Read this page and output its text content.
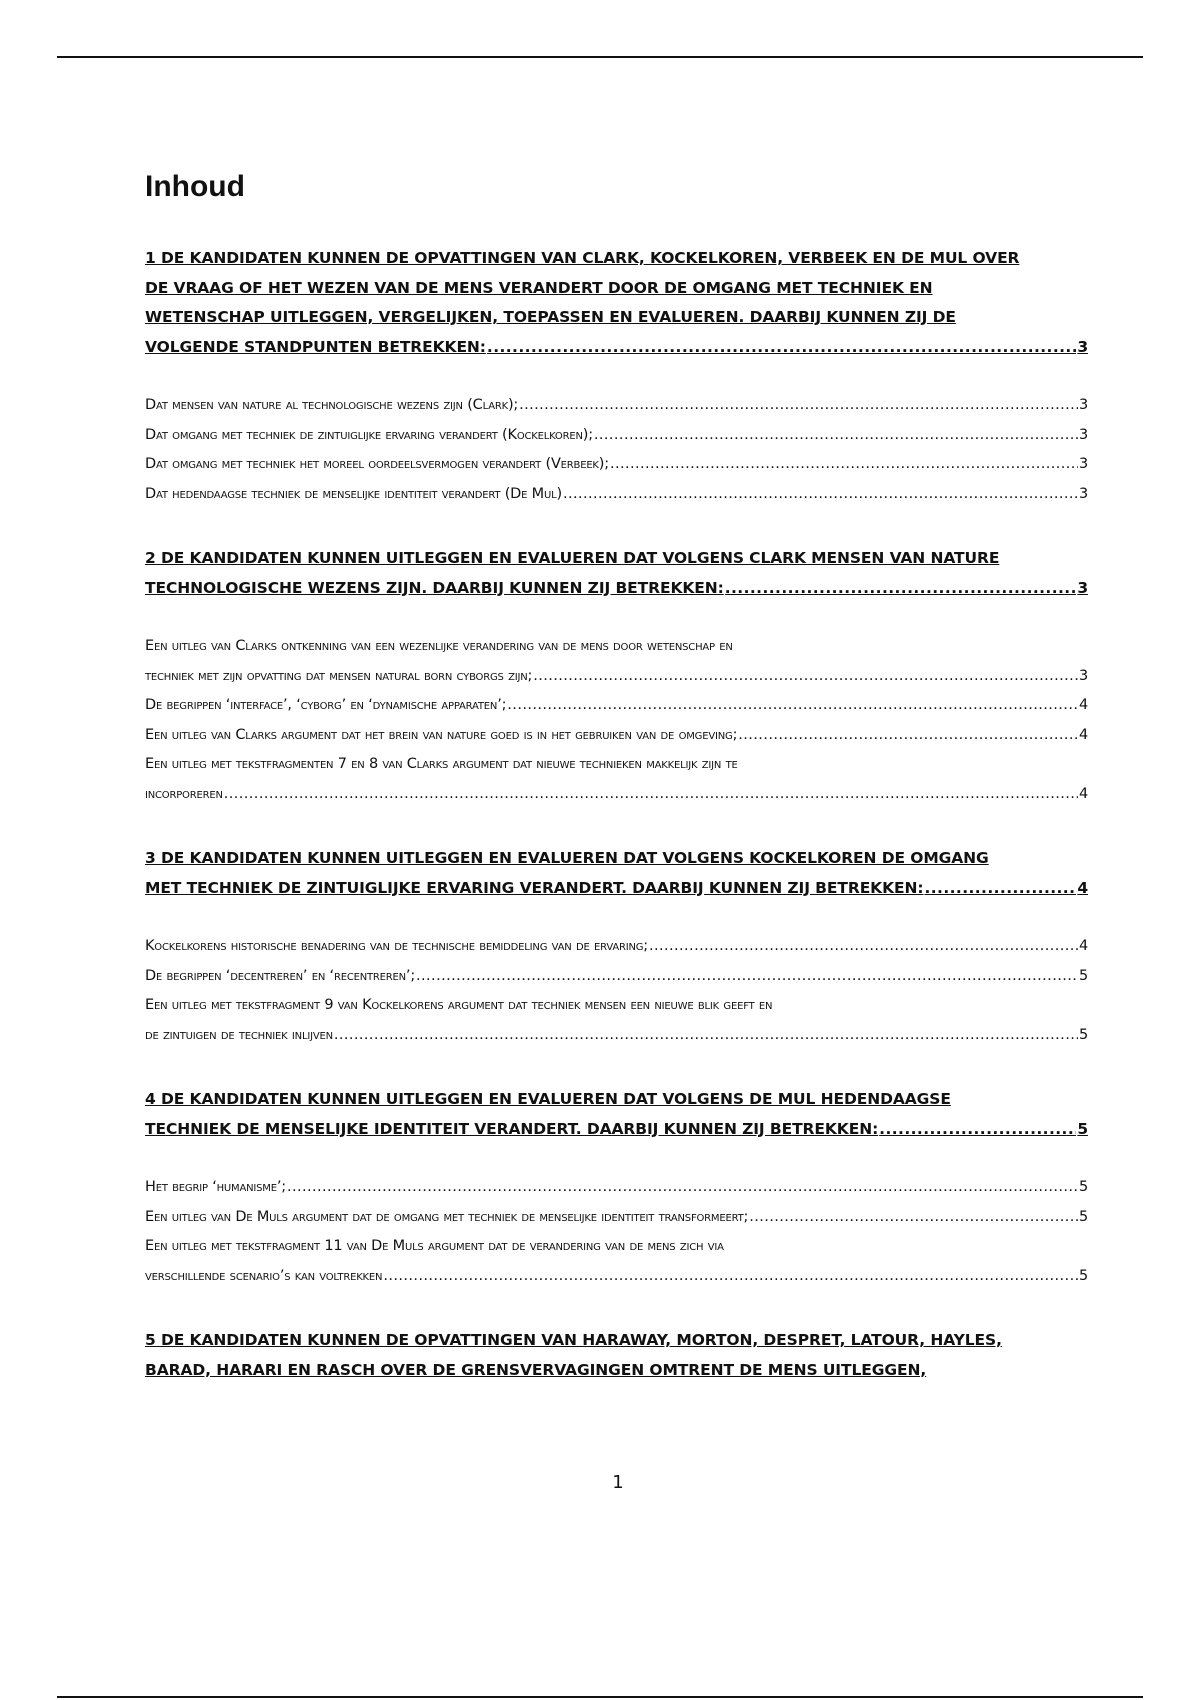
Inhoud
1 DE KANDIDATEN KUNNEN DE OPVATTINGEN VAN CLARK, KOCKELKOREN, VERBEEK EN DE MUL OVER
DE VRAAG OF HET WEZEN VAN DE MENS VERANDERT DOOR DE OMGANG MET TECHNIEK EN
WETENSCHAP UITLEGGEN, VERGELIJKEN, TOEPASSEN EN EVALUEREN. DAARBIJ KUNNEN ZIJ DE
VOLGENDE STANDPUNTEN BETREKKEN: .....	3
Dat mensen van nature al technologische wezens zijn (Clark); .....	3
Dat omgang met techniek de zintuiglijke ervaring verandert (Kockelkoren); .....	3
Dat omgang met techniek het moreel oordeelsvermogen verandert (Verbeek); .....	3
Dat hedendaagse techniek de menselijke identiteit verandert (De Mul) .....	3
2 DE KANDIDATEN KUNNEN UITLEGGEN EN EVALUEREN DAT VOLGENS CLARK MENSEN VAN NATURE
TECHNOLOGISCHE WEZENS ZIJN. DAARBIJ KUNNEN ZIJ BETREKKEN: .....	3
Een uitleg van Clarks ontkenning van een wezenlijke verandering van de mens door wetenschap en
techniek met zijn opvatting dat mensen natural born cyborgs zijn; .....	3
De begrippen ‘interface’, ‘cyborg’ en ‘dynamische apparaten’; .....	4
Een uitleg van Clarks argument dat het brein van nature goed is in het gebruiken van de omgeving; .....	4
Een uitleg met tekstfragmenten 7 en 8 van Clarks argument dat nieuwe technieken makkelijk zijn te
incorporeren .....	4
3 DE KANDIDATEN KUNNEN UITLEGGEN EN EVALUEREN DAT VOLGENS KOCKELKOREN DE OMGANG
MET TECHNIEK DE ZINTUIGLIJKE ERVARING VERANDERT. DAARBIJ KUNNEN ZIJ BETREKKEN: .....	4
Kockelkorens historische benadering van de technische bemiddeling van de ervaring; .....	4
De begrippen ‘decentreren’ en ‘recentreren’; .....	5
Een uitleg met tekstfragment 9 van Kockelkorens argument dat techniek mensen een nieuwe blik geeft en
de zintuigen de techniek inlijven .....	5
4 DE KANDIDATEN KUNNEN UITLEGGEN EN EVALUEREN DAT VOLGENS DE MUL HEDENDAAGSE
TECHNIEK DE MENSELIJKE IDENTITEIT VERANDERT. DAARBIJ KUNNEN ZIJ BETREKKEN: .....	5
Het begrip ‘humanisme’; .....	5
Een uitleg van De Muls argument dat de omgang met techniek de menselijke identiteit transformeert; .....	5
Een uitleg met tekstfragment 11 van De Muls argument dat de verandering van de mens zich via
verschillende scenario’s kan voltrekken .....	5
5 DE KANDIDATEN KUNNEN DE OPVATTINGEN VAN HARAWAY, MORTON, DESPRET, LATOUR, HAYLES,
BARAD, HARARI EN RASCH OVER DE GRENSVERVAGINGEN OMTRENT DE MENS UITLEGGEN,
1
